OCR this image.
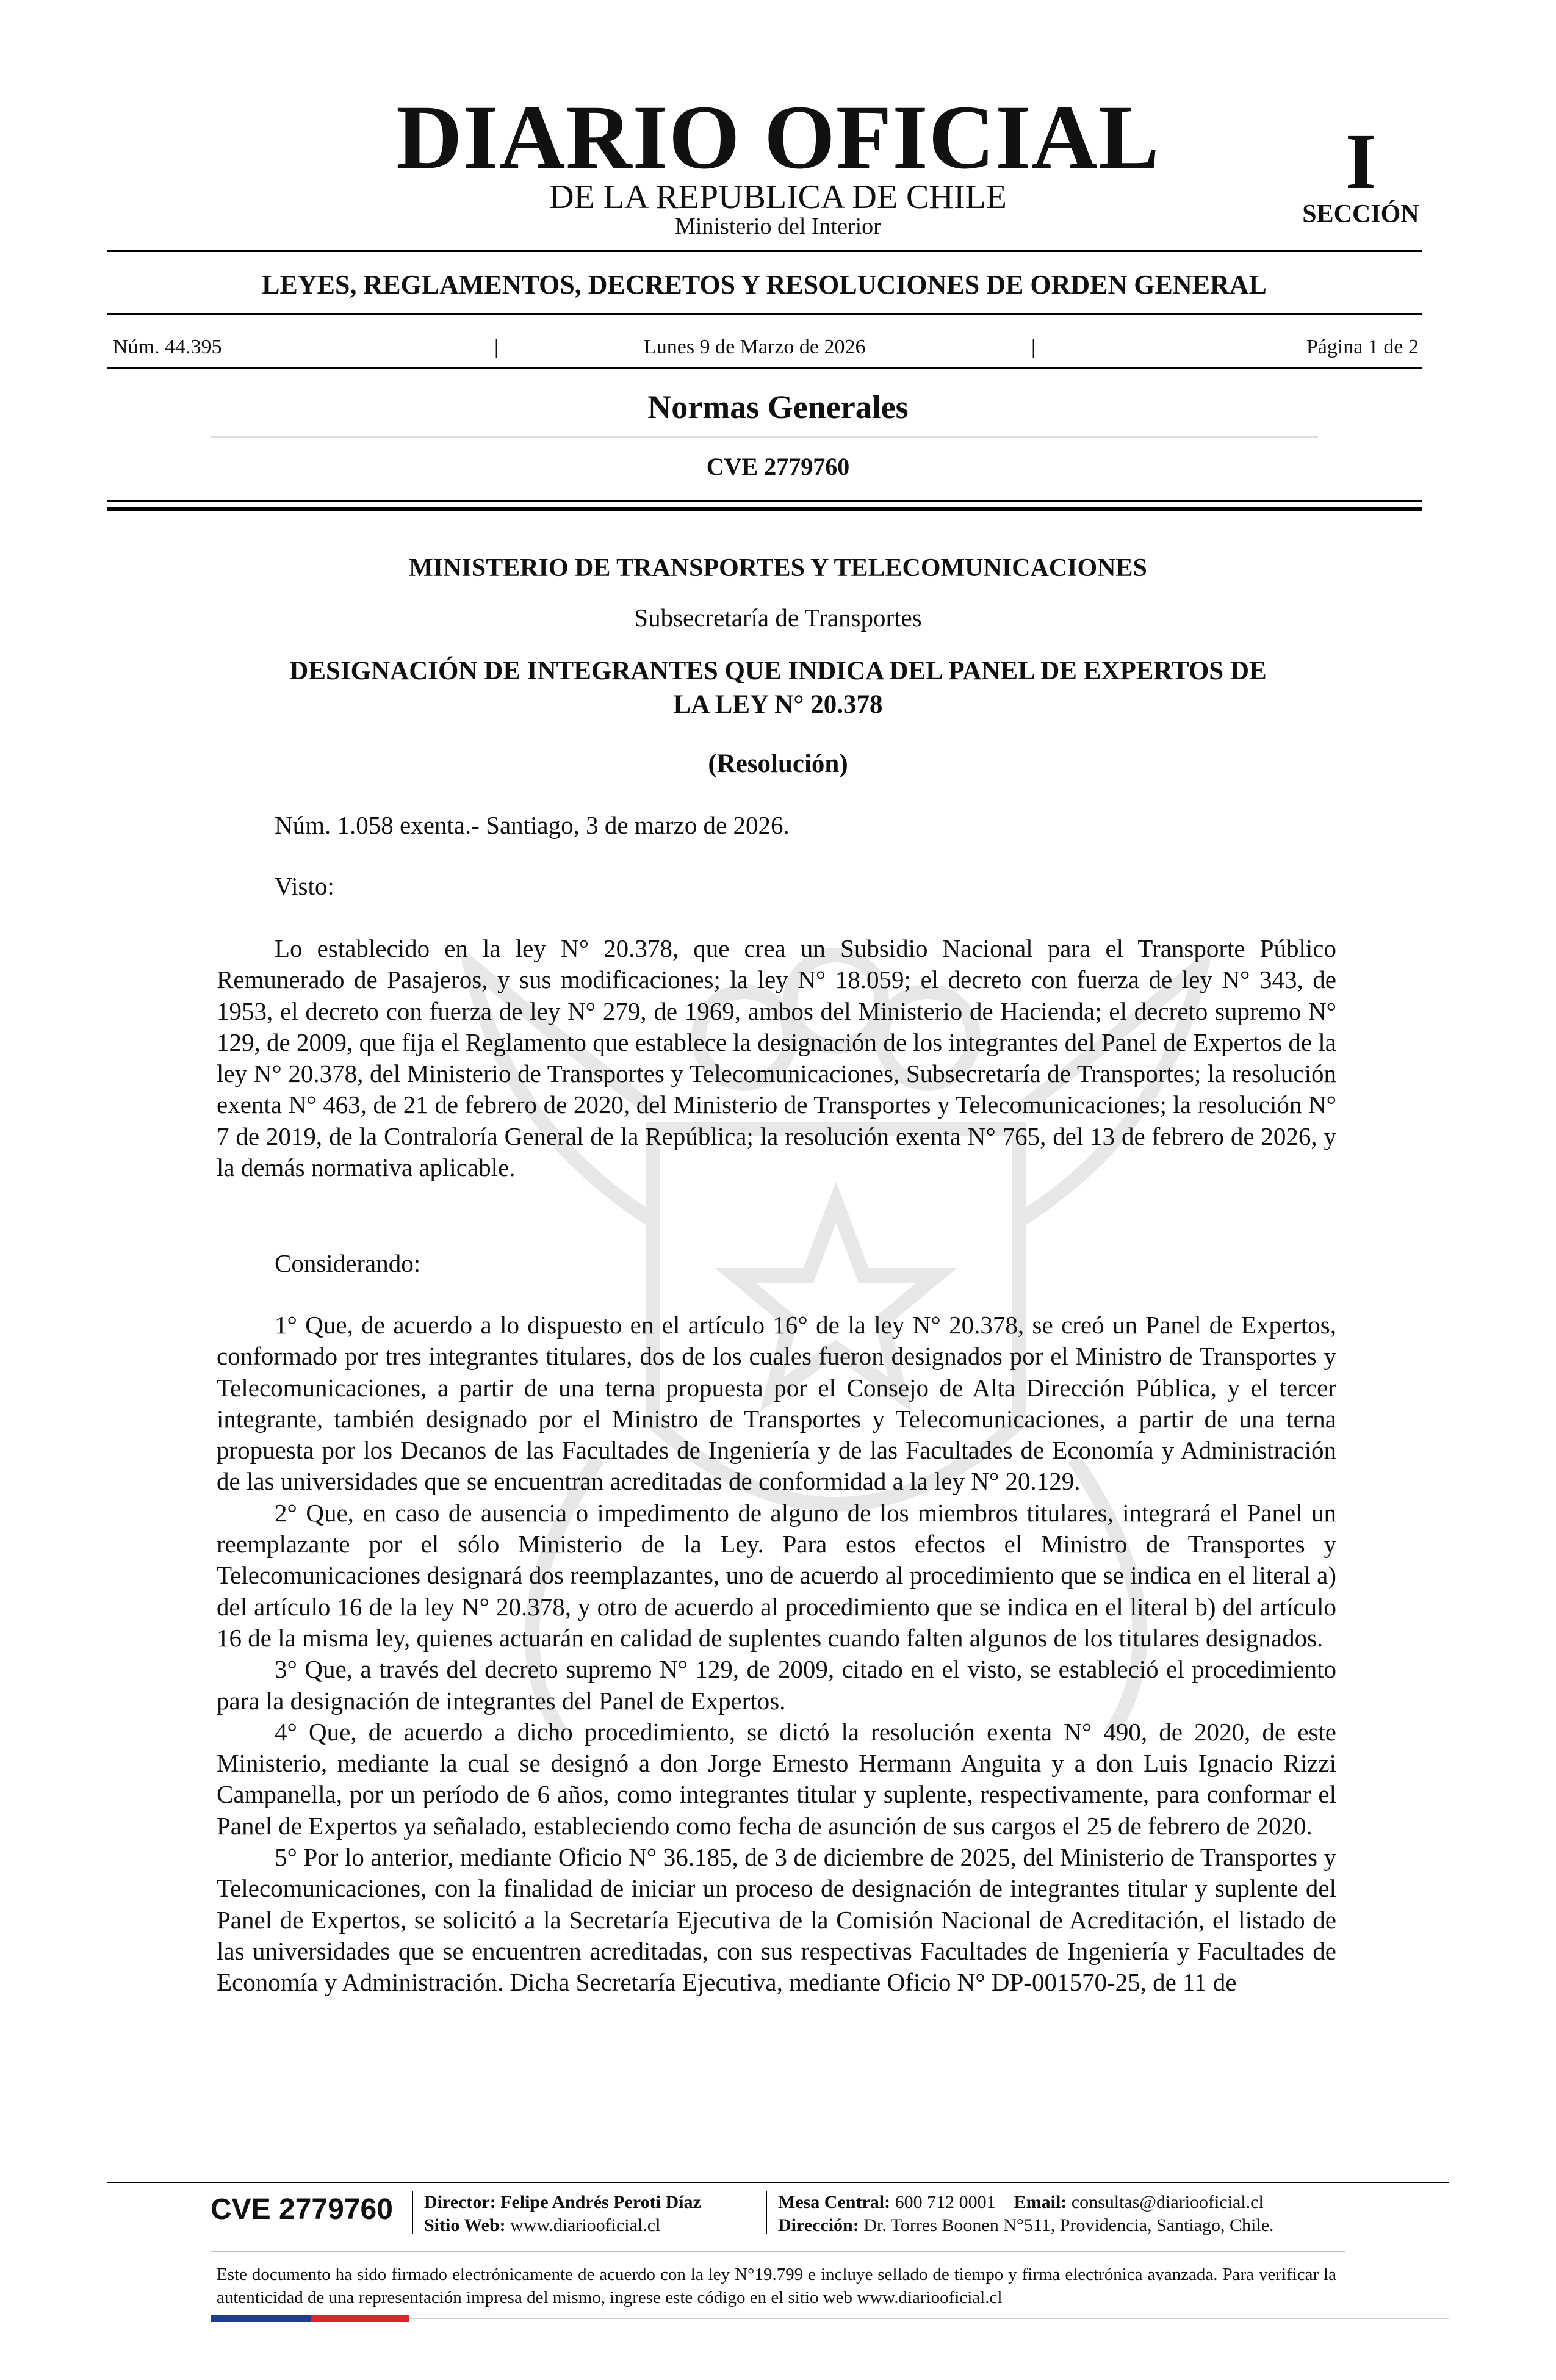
DIARIO OFICIAL
DE LA REPUBLICA DE CHILE
Ministerio del Interior
I
SECCIÓN
LEYES, REGLAMENTOS, DECRETOS Y RESOLUCIONES DE ORDEN GENERAL
Núm. 44.395	|	Lunes 9 de Marzo de 2026	|	Página 1 de 2
Normas Generales
CVE 2779760
MINISTERIO DE TRANSPORTES Y TELECOMUNICACIONES
Subsecretaría de Transportes
DESIGNACIÓN DE INTEGRANTES QUE INDICA DEL PANEL DE EXPERTOS DE
LA LEY N° 20.378
(Resolución)
Núm. 1.058 exenta.- Santiago, 3 de marzo de 2026.
Visto:
Lo establecido en la ley N° 20.378, que crea un Subsidio Nacional para el Transporte Público Remunerado de Pasajeros, y sus modificaciones; la ley N° 18.059; el decreto con fuerza de ley N° 343, de 1953, el decreto con fuerza de ley N° 279, de 1969, ambos del Ministerio de Hacienda; el decreto supremo N° 129, de 2009, que fija el Reglamento que establece la designación de los integrantes del Panel de Expertos de la ley N° 20.378, del Ministerio de Transportes y Telecomunicaciones, Subsecretaría de Transportes; la resolución exenta N° 463, de 21 de febrero de 2020, del Ministerio de Transportes y Telecomunicaciones; la resolución N° 7 de 2019, de la Contraloría General de la República; la resolución exenta N° 765, del 13 de febrero de 2026, y la demás normativa aplicable.
Considerando:
1° Que, de acuerdo a lo dispuesto en el artículo 16° de la ley N° 20.378, se creó un Panel de Expertos, conformado por tres integrantes titulares, dos de los cuales fueron designados por el Ministro de Transportes y Telecomunicaciones, a partir de una terna propuesta por el Consejo de Alta Dirección Pública, y el tercer integrante, también designado por el Ministro de Transportes y Telecomunicaciones, a partir de una terna propuesta por los Decanos de las Facultades de Ingeniería y de las Facultades de Economía y Administración de las universidades que se encuentran acreditadas de conformidad a la ley N° 20.129.
2° Que, en caso de ausencia o impedimento de alguno de los miembros titulares, integrará el Panel un reemplazante por el sólo Ministerio de la Ley. Para estos efectos el Ministro de Transportes y Telecomunicaciones designará dos reemplazantes, uno de acuerdo al procedimiento que se indica en el literal a) del artículo 16 de la ley N° 20.378, y otro de acuerdo al procedimiento que se indica en el literal b) del artículo 16 de la misma ley, quienes actuarán en calidad de suplentes cuando falten algunos de los titulares designados.
3° Que, a través del decreto supremo N° 129, de 2009, citado en el visto, se estableció el procedimiento para la designación de integrantes del Panel de Expertos.
4° Que, de acuerdo a dicho procedimiento, se dictó la resolución exenta N° 490, de 2020, de este Ministerio, mediante la cual se designó a don Jorge Ernesto Hermann Anguita y a don Luis Ignacio Rizzi Campanella, por un período de 6 años, como integrantes titular y suplente, respectivamente, para conformar el Panel de Expertos ya señalado, estableciendo como fecha de asunción de sus cargos el 25 de febrero de 2020.
5° Por lo anterior, mediante Oficio N° 36.185, de 3 de diciembre de 2025, del Ministerio de Transportes y Telecomunicaciones, con la finalidad de iniciar un proceso de designación de integrantes titular y suplente del Panel de Expertos, se solicitó a la Secretaría Ejecutiva de la Comisión Nacional de Acreditación, el listado de las universidades que se encuentren acreditadas, con sus respectivas Facultades de Ingeniería y Facultades de Economía y Administración. Dicha Secretaría Ejecutiva, mediante Oficio N° DP-001570-25, de 11 de
CVE 2779760 Director: Felipe Andrés Peroti Díaz
Sitio Web: www.diariooficial.cl
Mesa Central: 600 712 0001 Email: consultas@diariooficial.cl
Dirección: Dr. Torres Boonen N°511, Providencia, Santiago, Chile.
Este documento ha sido firmado electrónicamente de acuerdo con la ley N°19.799 e incluye sellado de tiempo y firma electrónica avanzada. Para verificar la autenticidad de una representación impresa del mismo, ingrese este código en el sitio web www.diariooficial.cl
